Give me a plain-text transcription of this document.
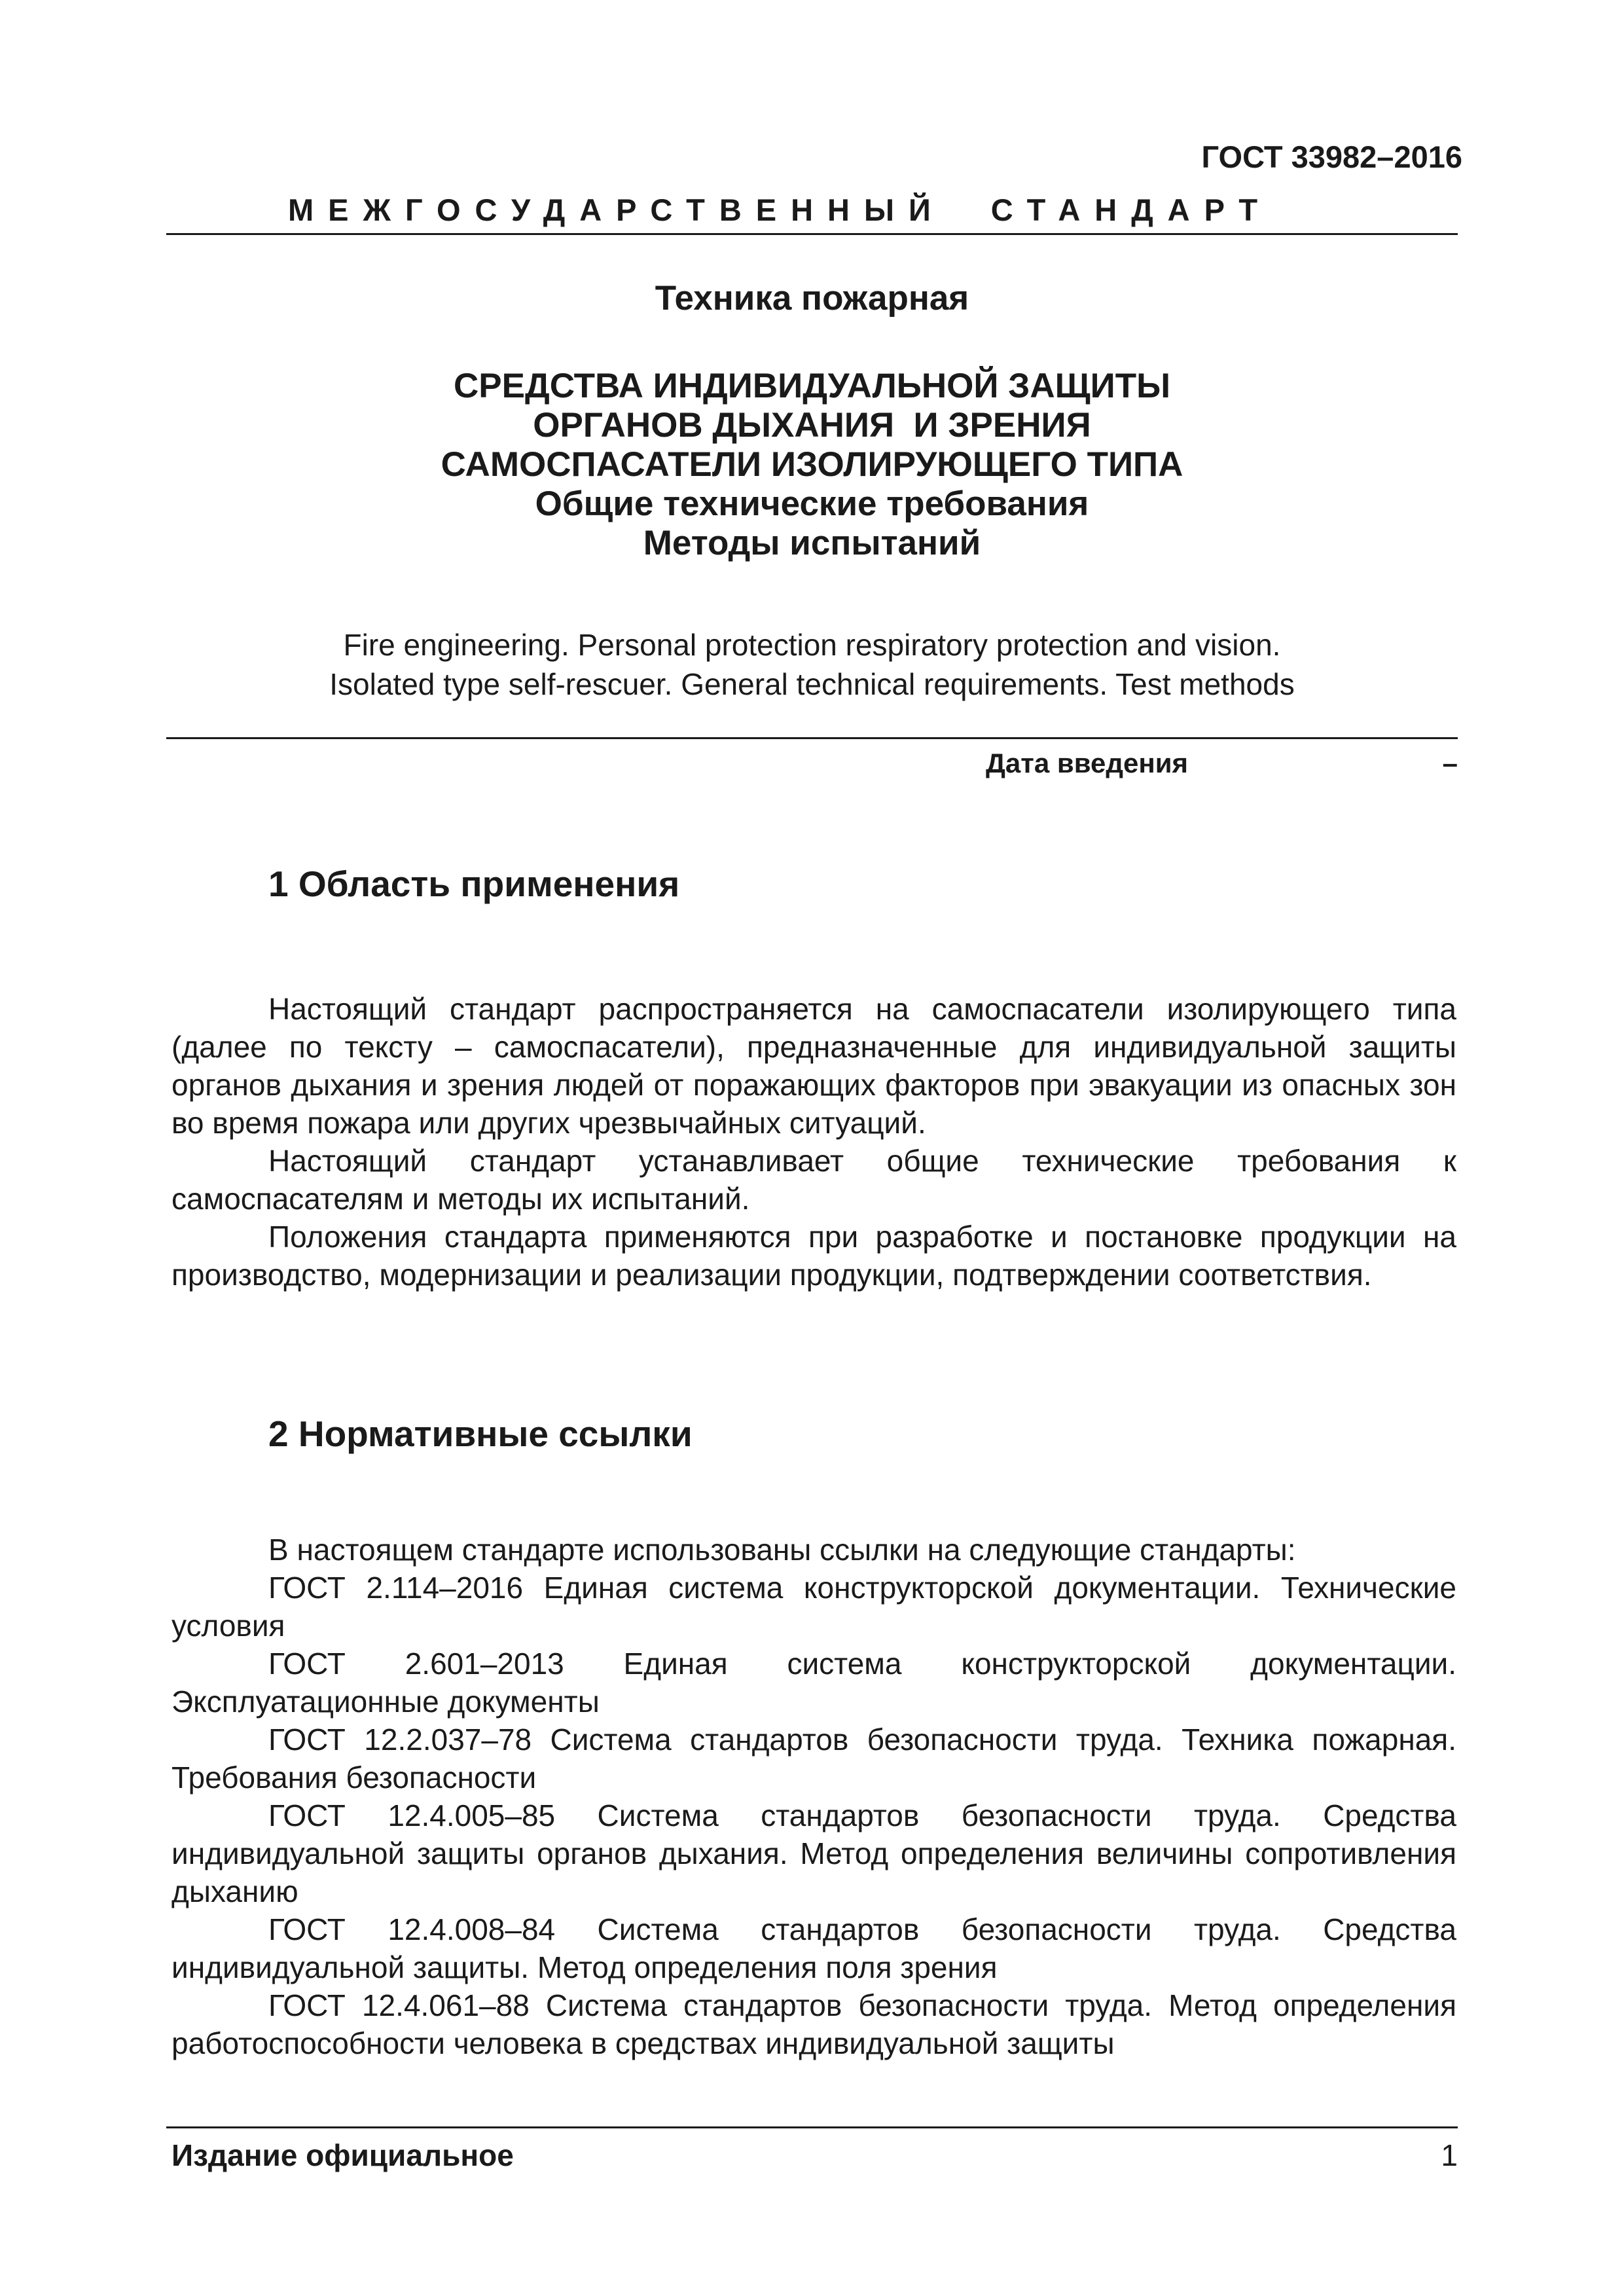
ГОСТ 33982–2016
МЕЖГОСУДАРСТВЕННЫЙ СТАНДАРТ
Техника пожарная
СРЕДСТВА ИНДИВИДУАЛЬНОЙ ЗАЩИТЫ
ОРГАНОВ ДЫХАНИЯ  И ЗРЕНИЯ
САМОСПАСАТЕЛИ ИЗОЛИРУЮЩЕГО ТИПА
Общие технические требования
Методы испытаний
Fire engineering. Personal protection respiratory protection and vision.
Isolated type self-rescuer. General technical requirements. Test methods
Дата введения	–
1 Область применения

Настоящий стандарт распространяется на самоспасатели изолирующего типа (далее по тексту – самоспасатели), предназначенные для индивидуальной защиты органов дыхания и зрения людей от поражающих факторов при эвакуации из опасных зон во время пожара или других чрезвычайных ситуаций.

Настоящий стандарт устанавливает общие технические требования к самоспасателям и методы их испытаний.

Положения стандарта применяются при разработке и постановке продукции на производство, модернизации и реализации продукции, подтверждении соответствия.

2 Нормативные ссылки

В настоящем стандарте использованы ссылки на следующие стандарты:

ГОСТ 2.114–2016 Единая система конструкторской документации. Технические условия

ГОСТ 2.601–2013 Единая система конструкторской документации. Эксплуатационные документы

ГОСТ 12.2.037–78 Система стандартов безопасности труда. Техника пожарная. Требования безопасности

ГОСТ 12.4.005–85 Система стандартов безопасности труда. Средства индивидуальной защиты органов дыхания. Метод определения величины сопротивления дыханию

ГОСТ 12.4.008–84 Система стандартов безопасности труда. Средства индивидуальной защиты. Метод определения поля зрения

ГОСТ 12.4.061–88 Система стандартов безопасности труда. Метод определения работоспособности человека в средствах индивидуальной защиты

Издание официальное	1
